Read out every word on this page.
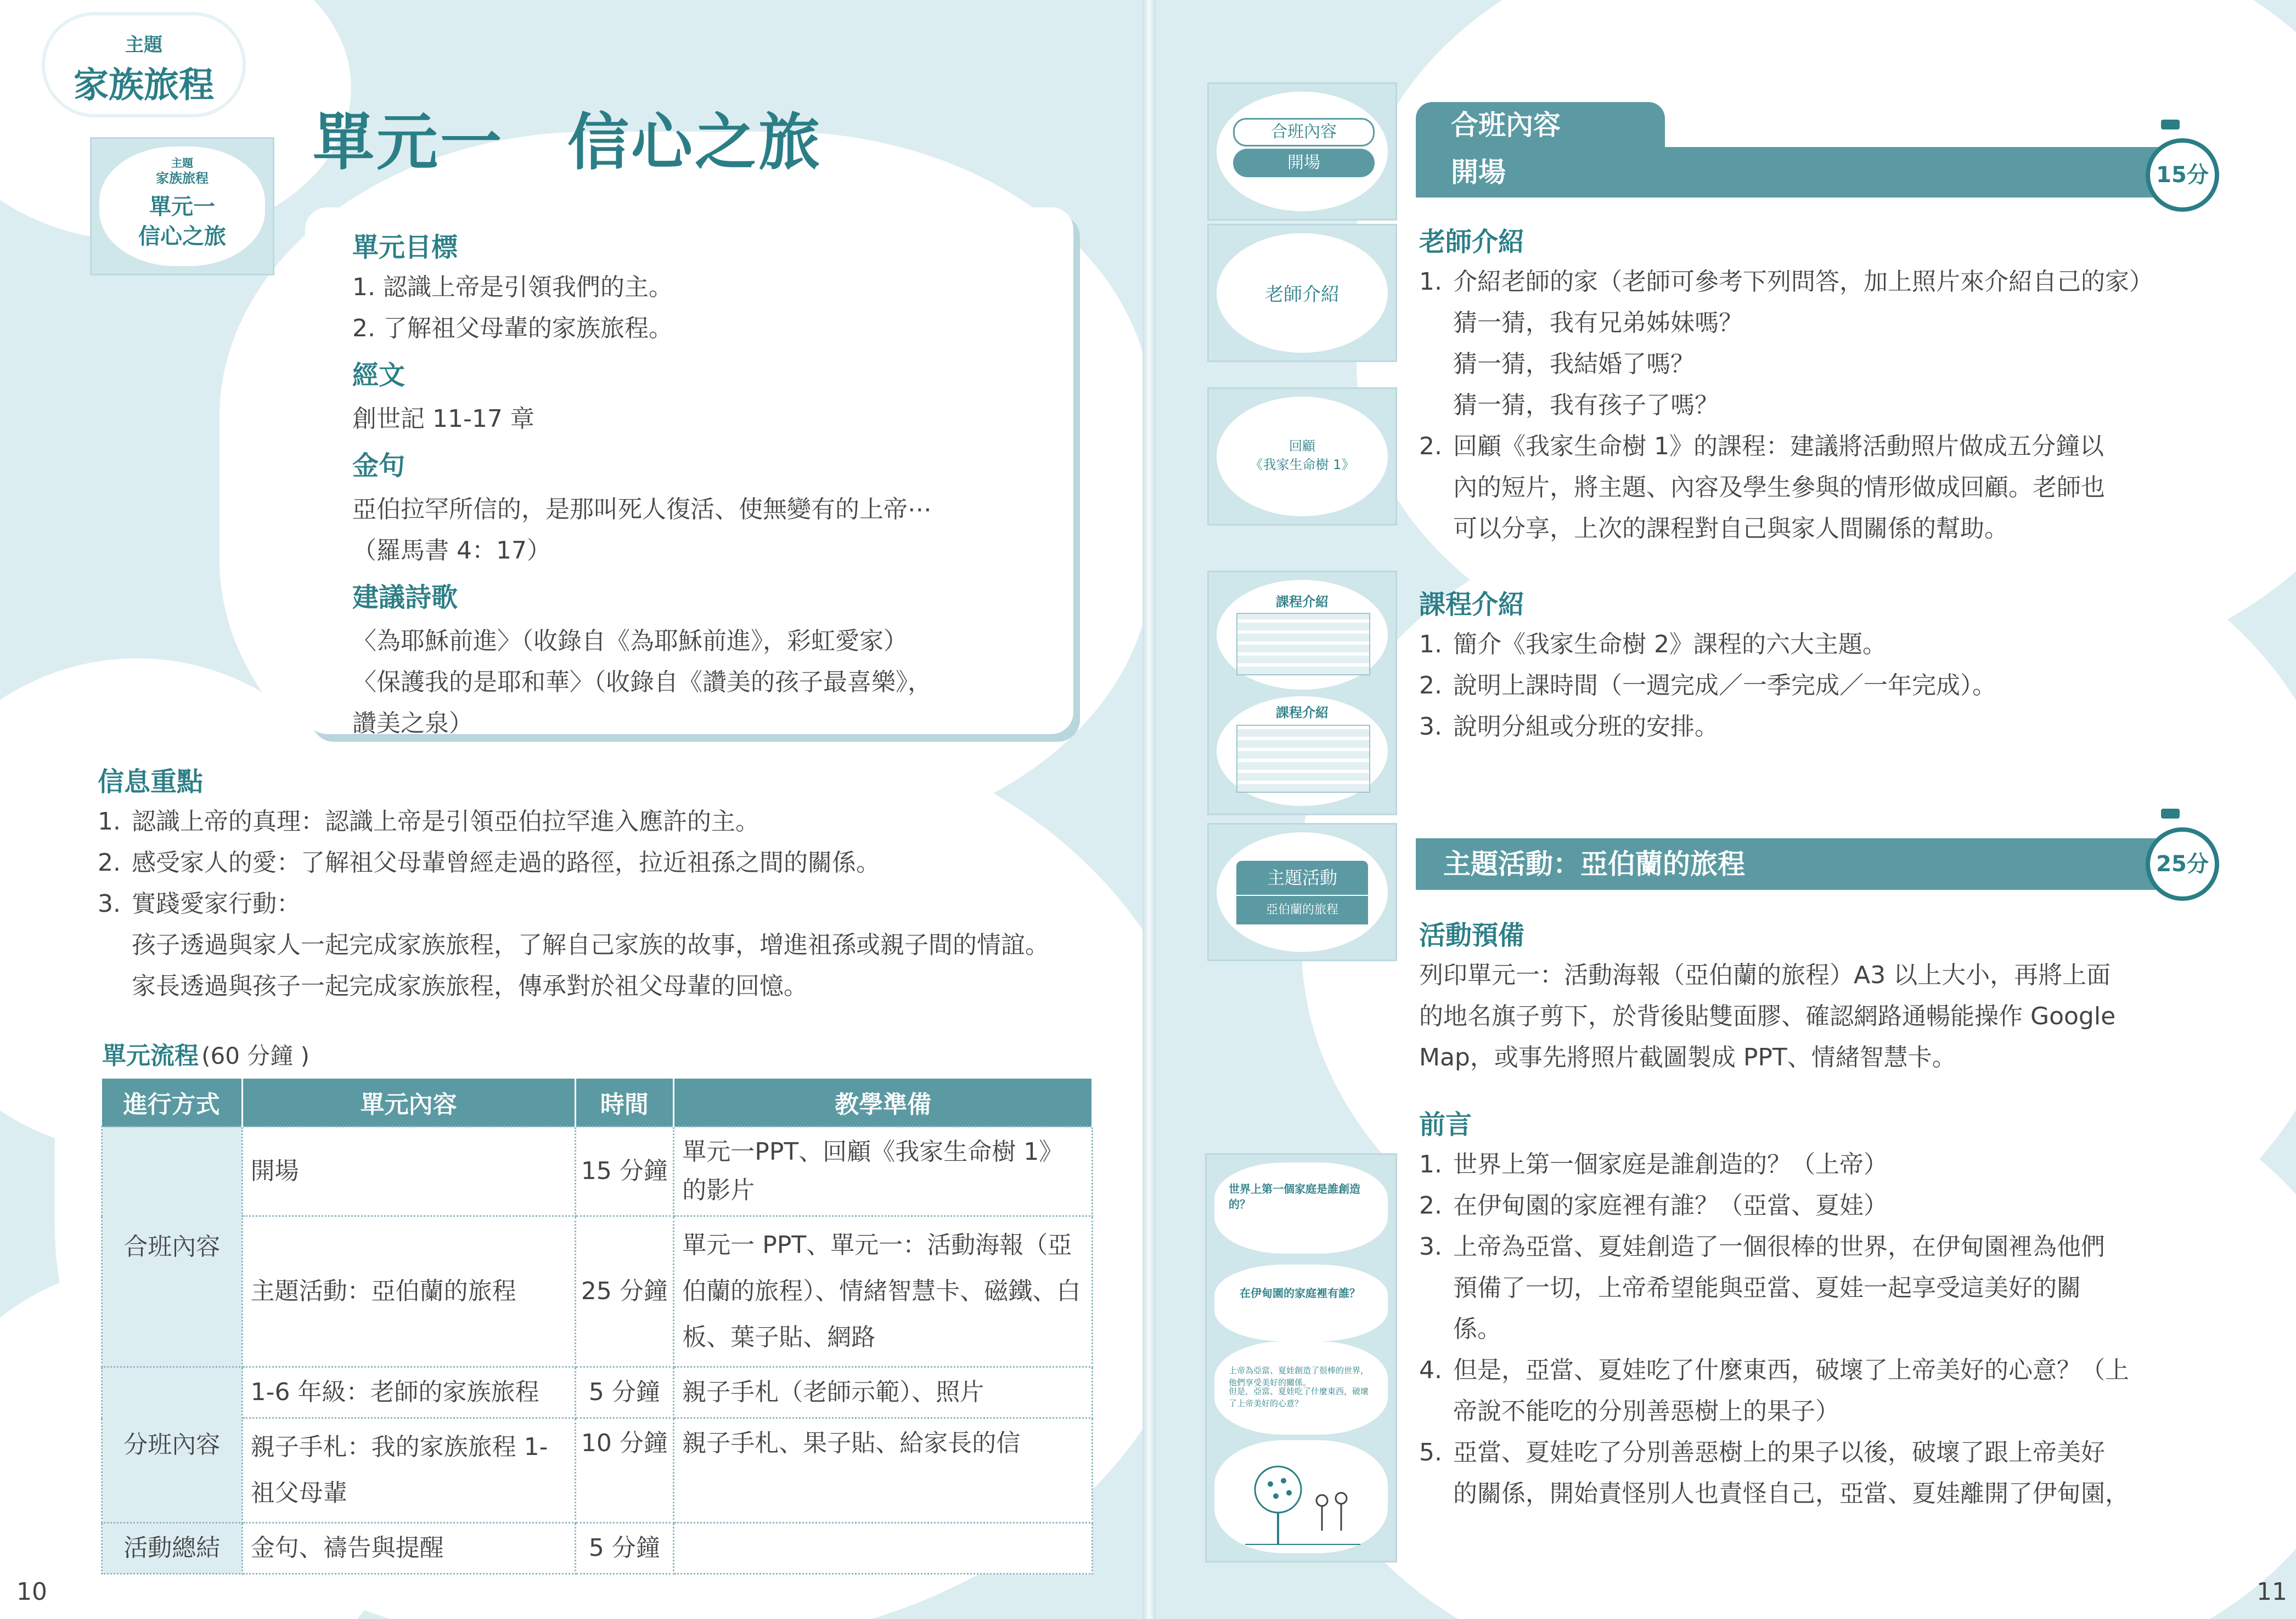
主題
家族旅程
主題
家族旅程
單元一
信心之旅
單元一　信心之旅
單元目標
1. 認識上帝是引領我們的主。
2. 了解祖父母輩的家族旅程。
經文
創世記 11-17 章
金句
亞伯拉罕所信的，是那叫死人復活、使無變有的上帝⋯
（羅馬書 4：17）
建議詩歌
〈為耶穌前進〉（收錄自《為耶穌前進》，彩虹愛家）
〈保護我的是耶和華〉（收錄自《讚美的孩子最喜樂》，
讚美之泉）
信息重點
1. 認識上帝的真理：認識上帝是引領亞伯拉罕進入應許的主。
2. 感受家人的愛：了解祖父母輩曾經走過的路徑，拉近祖孫之間的關係。
3. 實踐愛家行動：
孩子透過與家人一起完成家族旅程，了解自己家族的故事，增進祖孫或親子間的情誼。
家長透過與孩子一起完成家族旅程，傳承對於祖父母輩的回憶。
單元流程 (60 分鐘 )
進行方式	單元內容	時間	教學準備
合班內容	開場	15 分鐘	單元一PPT、回顧《我家生命樹 1》的影片
	主題活動：亞伯蘭的旅程	25 分鐘	單元一 PPT、單元一：活動海報（亞伯蘭的旅程）、情緒智慧卡、磁鐵、白板、葉子貼、網路
分班內容	1-6 年級：老師的家族旅程	5 分鐘	親子手札（老師示範）、照片
	親子手札：我的家族旅程 1-祖父母輩	10 分鐘	親子手札、果子貼、給家長的信
活動總結	金句、禱告與提醒	5 分鐘	
10
合班內容
開場
老師介紹
回顧
《我家生命樹 1》
課程介紹
課程介紹
主題活動
亞伯蘭的旅程
世界上第一個家庭是誰創造的？
在伊甸園的家庭裡有誰？
上帝為亞當、夏娃創造了很棒的世界，他們享受美好的關係。
但是，亞當、夏娃吃了什麼東西，破壞了上帝美好的心意？
合班內容
開場	15分
老師介紹
1. 介紹老師的家（老師可參考下列問答，加上照片來介紹自己的家）
猜一猜，我有兄弟姊妹嗎？
猜一猜，我結婚了嗎？
猜一猜，我有孩子了嗎？
2. 回顧《我家生命樹 1》的課程：建議將活動照片做成五分鐘以
內的短片，將主題、內容及學生參與的情形做成回顧。老師也
可以分享，上次的課程對自己與家人間關係的幫助。
課程介紹
1. 簡介《我家生命樹 2》課程的六大主題。
2. 說明上課時間（一週完成／一季完成／一年完成）。
3. 說明分組或分班的安排。
主題活動：亞伯蘭的旅程	25分
活動預備
列印單元一：活動海報（亞伯蘭的旅程）A3 以上大小，再將上面
的地名旗子剪下，於背後貼雙面膠、確認網路通暢能操作 Google
Map，或事先將照片截圖製成 PPT、情緒智慧卡。
前言
1. 世界上第一個家庭是誰創造的？（上帝）
2. 在伊甸園的家庭裡有誰？（亞當、夏娃）
3. 上帝為亞當、夏娃創造了一個很棒的世界，在伊甸園裡為他們
預備了一切，上帝希望能與亞當、夏娃一起享受這美好的關
係。
4. 但是，亞當、夏娃吃了什麼東西，破壞了上帝美好的心意？（上
帝說不能吃的分別善惡樹上的果子）
5. 亞當、夏娃吃了分別善惡樹上的果子以後，破壞了跟上帝美好
的關係，開始責怪別人也責怪自己，亞當、夏娃離開了伊甸園，
11
